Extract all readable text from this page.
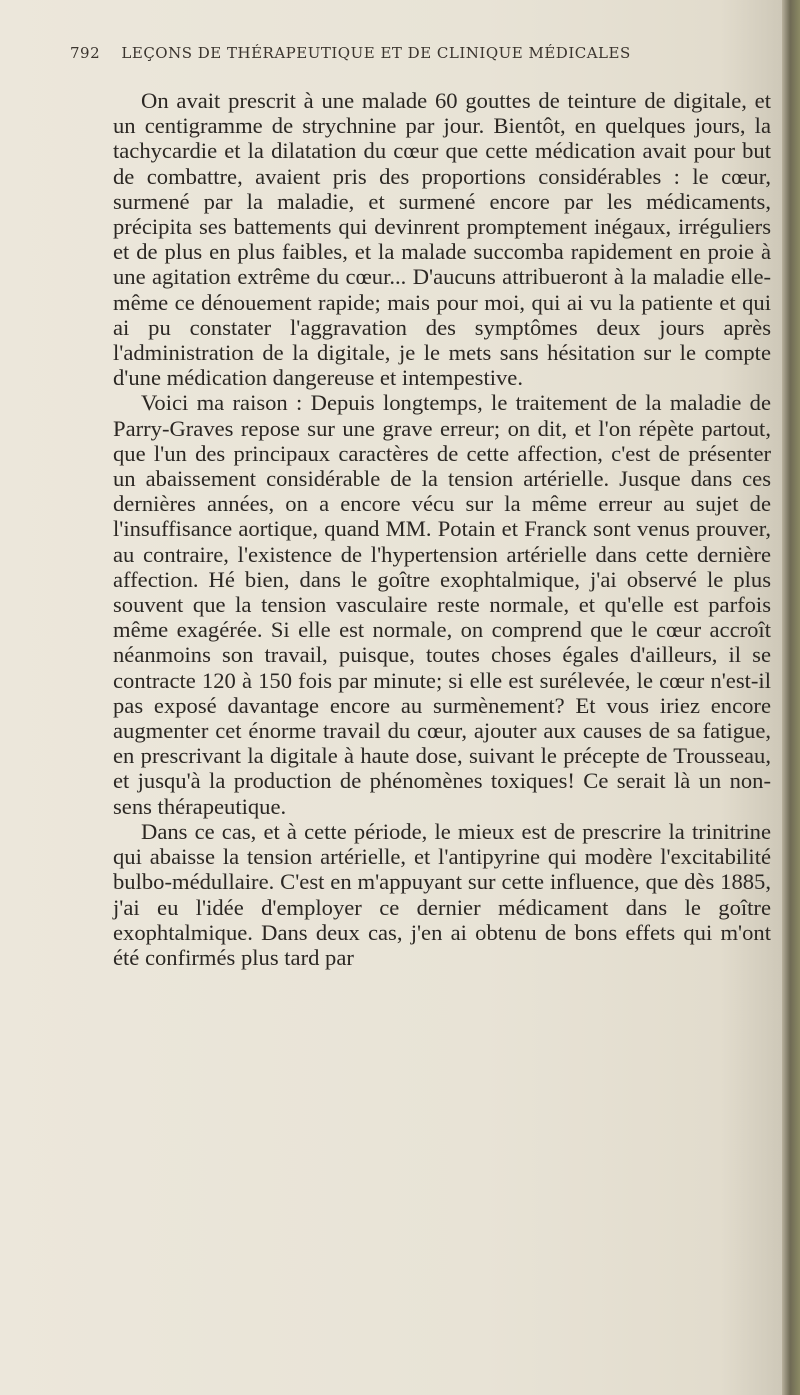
792 LEÇONS DE THÉRAPEUTIQUE ET DE CLINIQUE MÉDICALES

On avait prescrit à une malade 60 gouttes de teinture de digitale, et un centigramme de strychnine par jour. Bientôt, en quelques jours, la tachycardie et la dilatation du cœur que cette médication avait pour but de combattre, avaient pris des proportions considérables : le cœur, surmené par la maladie, et surmené encore par les médicaments, précipita ses battements qui devinrent promptement inégaux, irréguliers et de plus en plus faibles, et la malade succomba rapidement en proie à une agitation extrême du cœur... D'aucuns attribueront à la maladie elle-même ce dénouement rapide; mais pour moi, qui ai vu la patiente et qui ai pu constater l'aggravation des symptômes deux jours après l'administration de la digitale, je le mets sans hésitation sur le compte d'une médication dangereuse et intempestive.

Voici ma raison : Depuis longtemps, le traitement de la maladie de Parry-Graves repose sur une grave erreur; on dit, et l'on répète partout, que l'un des principaux caractères de cette affection, c'est de présenter un abaissement considérable de la tension artérielle. Jusque dans ces dernières années, on a encore vécu sur la même erreur au sujet de l'insuffisance aortique, quand MM. Potain et Franck sont venus prouver, au contraire, l'existence de l'hypertension artérielle dans cette dernière affection. Hé bien, dans le goître exophtalmique, j'ai observé le plus souvent que la tension vasculaire reste normale, et qu'elle est parfois même exagérée. Si elle est normale, on comprend que le cœur accroît néanmoins son travail, puisque, toutes choses égales d'ailleurs, il se contracte 120 à 150 fois par minute; si elle est surélevée, le cœur n'est-il pas exposé davantage encore au surmènement? Et vous iriez encore augmenter cet énorme travail du cœur, ajouter aux causes de sa fatigue, en prescrivant la digitale à haute dose, suivant le précepte de Trousseau, et jusqu'à la production de phénomènes toxiques! Ce serait là un non-sens thérapeutique.

Dans ce cas, et à cette période, le mieux est de prescrire la trinitrine qui abaisse la tension artérielle, et l'antipyrine qui modère l'excitabilité bulbo-médullaire. C'est en m'appuyant sur cette influence, que dès 1885, j'ai eu l'idée d'employer ce dernier médicament dans le goître exophtalmique. Dans deux cas, j'en ai obtenu de bons effets qui m'ont été confirmés plus tard par
